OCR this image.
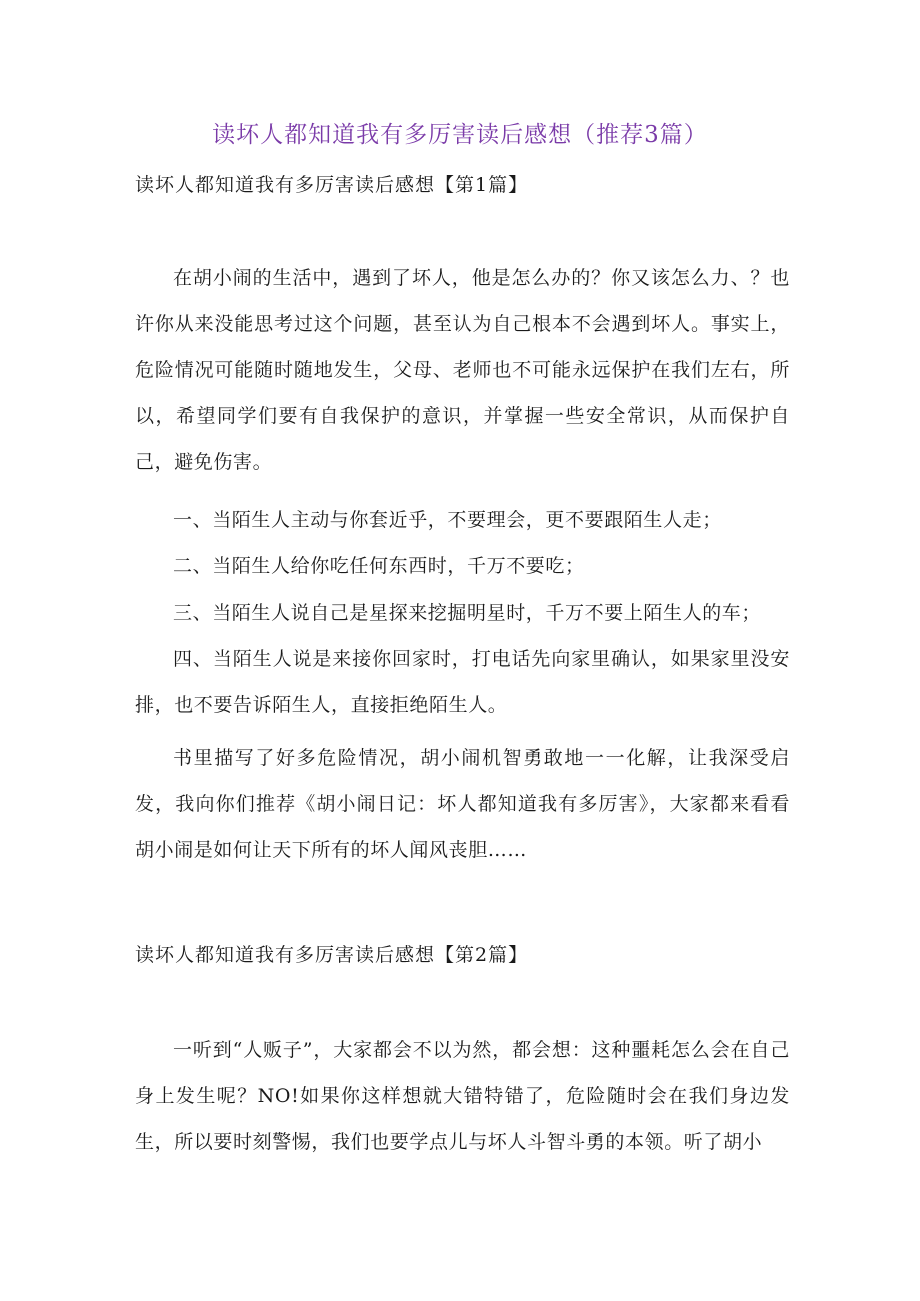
读坏人都知道我有多厉害读后感想（推荐3篇）
读坏人都知道我有多厉害读后感想【第1篇】

在胡小闹的生活中，遇到了坏人，他是怎么办的？你又该怎么力、？也许你从来没能思考过这个问题，甚至认为自己根本不会遇到坏人。事实上，危险情况可能随时随地发生，父母、老师也不可能永远保护在我们左右，所以，希望同学们要有自我保护的意识，并掌握一些安全常识，从而保护自己，避免伤害。

一、当陌生人主动与你套近乎，不要理会，更不要跟陌生人走；

二、当陌生人给你吃任何东西时，千万不要吃；

三、当陌生人说自己是星探来挖掘明星时，千万不要上陌生人的车；

四、当陌生人说是来接你回家时，打电话先向家里确认，如果家里没安排，也不要告诉陌生人，直接拒绝陌生人。

书里描写了好多危险情况，胡小闹机智勇敢地一一化解，让我深受启发，我向你们推荐《胡小闹日记：坏人都知道我有多厉害》，大家都来看看胡小闹是如何让天下所有的坏人闻风丧胆……

读坏人都知道我有多厉害读后感想【第2篇】

一听到“人贩子”，大家都会不以为然，都会想：这种噩耗怎么会在自己身上发生呢？NO!如果你这样想就大错特错了，危险随时会在我们身边发生，所以要时刻警惕，我们也要学点儿与坏人斗智斗勇的本领。听了胡小
